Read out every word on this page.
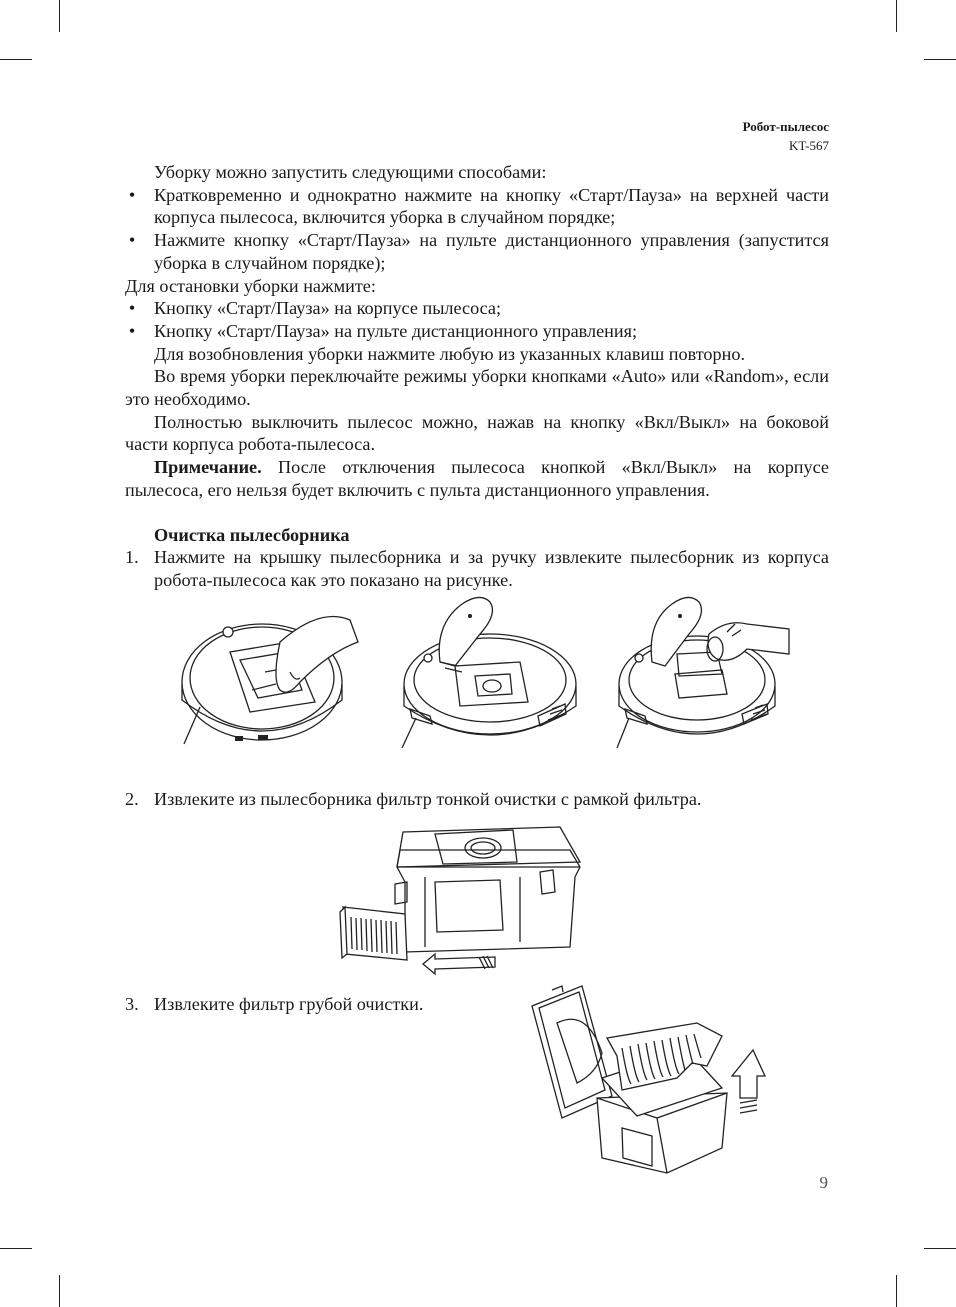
Робот-пылесос
KT-567

Уборку можно запустить следующими способами:

• Кратковременно и однократно нажмите на кнопку «Старт/Пауза» на верхней части корпуса пылесоса, включится уборка в случайном порядке;

• Нажмите кнопку «Старт/Пауза» на пульте дистанционного управления (запустится уборка в случайном порядке);

Для остановки уборки нажмите:

• Кнопку «Старт/Пауза» на корпусе пылесоса;

• Кнопку «Старт/Пауза» на пульте дистанционного управления;

Для возобновления уборки нажмите любую из указанных клавиш повторно.

Во время уборки переключайте режимы уборки кнопками «Auto» или «Random», если это необходимо.

Полностью выключить пылесос можно, нажав на кнопку «Вкл/Выкл» на боковой части корпуса робота-пылесоса.

Примечание. После отключения пылесоса кнопкой «Вкл/Выкл» на корпусе пылесоса, его нельзя будет включить с пульта дистанционного управления.

Очистка пылесборника

1. Нажмите на крышку пылесборника и за ручку извлеките пылесборник из корпуса робота-пылесоса как это показано на рисунке.

2. Извлеките из пылесборника фильтр тонкой очистки с рамкой фильтра.
3. Извлеките фильтр грубой очистки.
9
